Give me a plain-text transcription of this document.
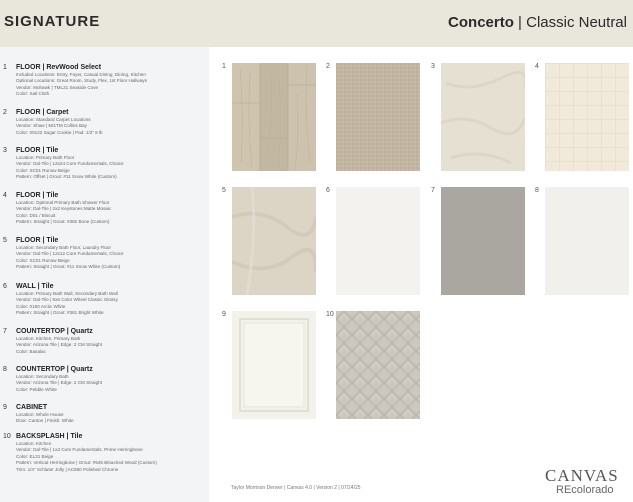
SIGNATURE	Concerto | Classic Neutral
1 FLOOR | RevWood Select
Included Locations: Entry, Foyer, Casual Dining, Dining, Kitchen
Optional Locations: Great Room, Study, Flex, 1st Floor Hallways
Vendor: Mohawk | TML21 Seaside Cove
Color: Sail Cloth
2 FLOOR | Carpet
Location: Standard Carpet Locations
Vendor: Shaw | 501TM Collins Bay
Color: 00122 Sugar Cookie | Pad: 1/2" 8 lb
3 FLOOR | Tile
Location: Primary Bath Floor
Vendor: Dal-Tile | 12x24 Core Fundamentals, Choice
Color: SC01 Runow Beige
Pattern: Offset | Grout: #11 Snow White (Custom)
4 FLOOR | Tile
Location: Optional Primary Bath Shower Floor
Vendor: Dal-Tile | 2x2 Keystones Matte Mosaic
Color: D01 / Biscuit
Pattern: Straight | Grout: #382 Bone (Custom)
5 FLOOR | Tile
Location: Secondary Bath Floor, Laundry Floor
Vendor: Dal-Tile | 12x12 Core Fundamentals, Choice
Color: SC01 Runow Beige
Pattern: Straight | Grout: #11 Snow White (Custom)
6 WALL | Tile
Location: Primary Bath Wall, Secondary Bath Wall
Vendor: Dal-Tile | 6x6 Color Wheel Classic Glossy
Color: 0190 Arctic White
Pattern: Straight | Grout: #381 Bright White
7 COUNTERTOP | Quartz
Location: Kitchen, Primary Bath
Vendor: Arizona Tile | Edge: 2 CM Straight
Color: Basalac
8 COUNTERTOP | Quartz
Location: Secondary Bath
Vendor: Arizona Tile | Edge: 2 CM Straight
Color: Pebble White
9 CABINET
Location: Whole House
Door: Canton | Finish: White
10 BACKSPLASH | Tile
Location: Kitchen
Vendor: Dal-Tile | 1x3 Core Fundamentals, Prime Herringbone
Color: EL31 Beige
Pattern: Vertical Herringbone | Grout: #545 Bleached Wood (Custom)
Trim: 1/4" Schluter Jolly | AC680 Polished Chrome
1	2	3	4
5	6	7	8
9	10
Taylor Morrison Denver | Canvas 4.0 | Version 2 | 07/24/25
CANVAS
REcolorado
